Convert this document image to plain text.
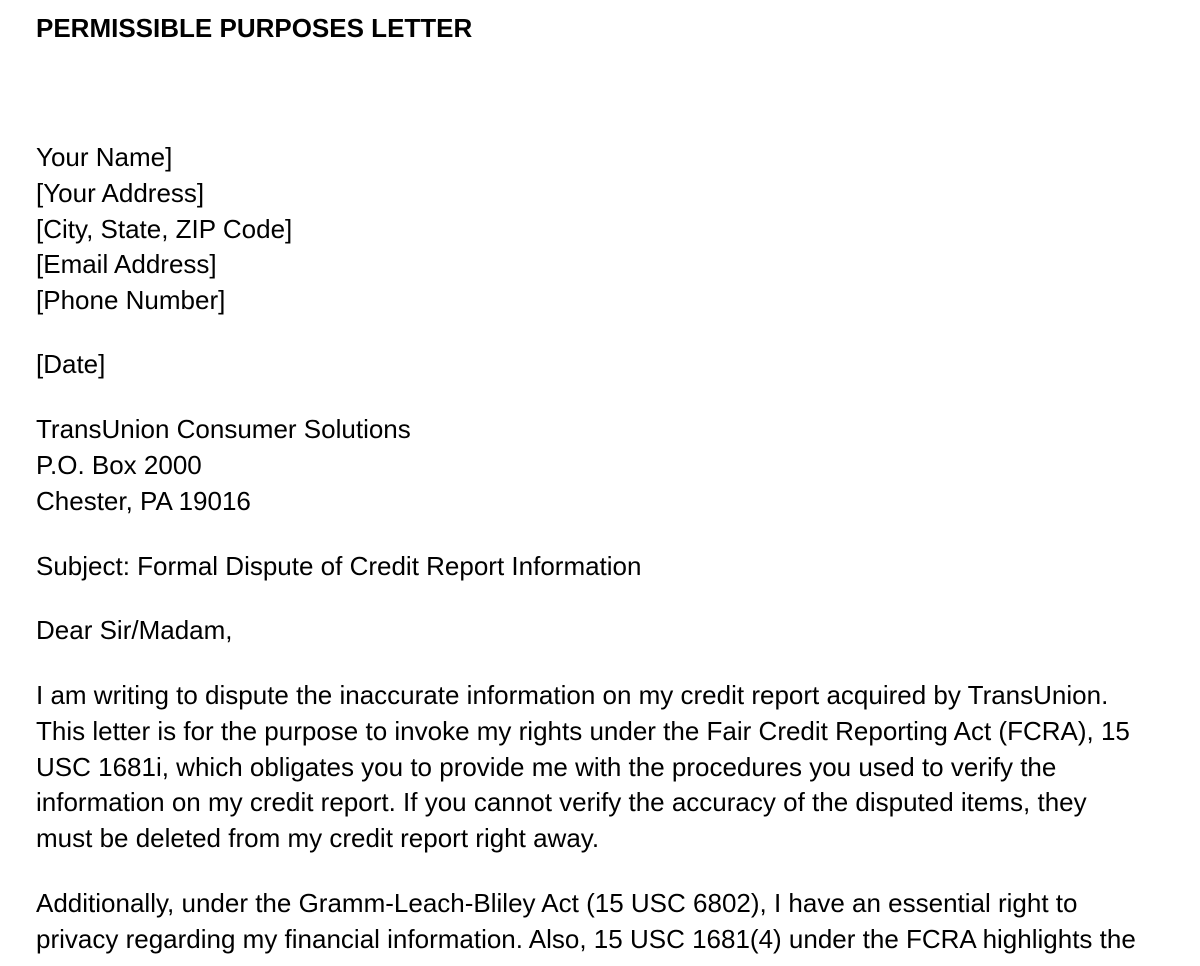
PERMISSIBLE PURPOSES LETTER
Your Name]
[Your Address]
[City, State, ZIP Code]
[Email Address]
[Phone Number]
[Date]
TransUnion Consumer Solutions
P.O. Box 2000
Chester, PA 19016
Subject: Formal Dispute of Credit Report Information
Dear Sir/Madam,
I am writing to dispute the inaccurate information on my credit report acquired by TransUnion.
This letter is for the purpose to invoke my rights under the Fair Credit Reporting Act (FCRA), 15
USC 1681i, which obligates you to provide me with the procedures you used to verify the
information on my credit report. If you cannot verify the accuracy of the disputed items, they
must be deleted from my credit report right away.
Additionally, under the Gramm-Leach-Bliley Act (15 USC 6802), I have an essential right to
privacy regarding my financial information. Also, 15 USC 1681(4) under the FCRA highlights the
